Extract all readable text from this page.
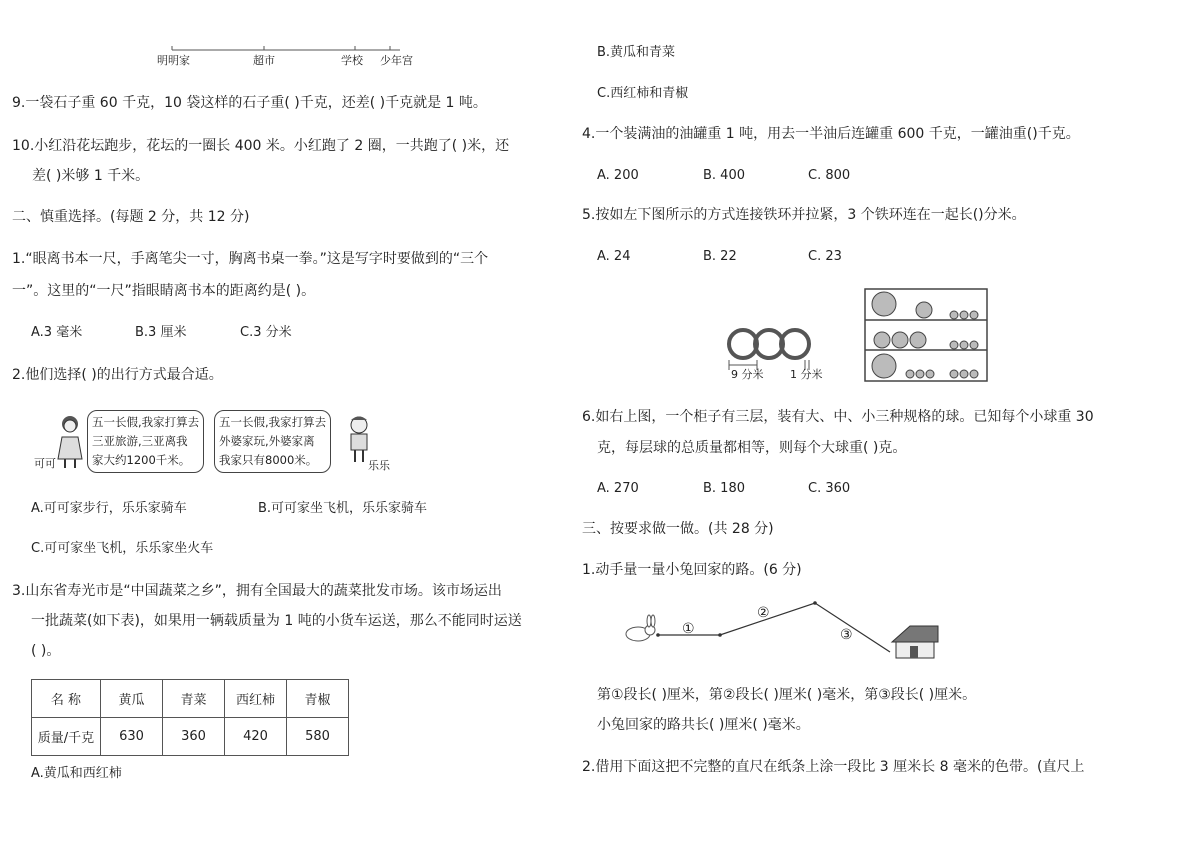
明明家	超市	学校 少年宫
9.一袋石子重 60 千克，10 袋这样的石子重( )千克，还差( )千克就是 1 吨。
10.小红沿花坛跑步，花坛的一圈长 400 米。小红跑了 2 圈，一共跑了( )米，还
差( )米够 1 千米。
二、慎重选择。(每题 2 分，共 12 分)
1.“眼离书本一尺，手离笔尖一寸，胸离书桌一拳。”这是写字时要做到的“三个
一”。这里的“一尺”指眼睛离书本的距离约是( )。
A.3 毫米	B.3 厘米	C.3 分米
2.他们选择( )的出行方式最合适。
可可
五一长假,我家打算去
三亚旅游,三亚离我
家大约1200千米。
五一长假,我家打算去
外婆家玩,外婆家离
我家只有8000米。	乐乐
A.可可家步行，乐乐家骑车	B.可可家坐飞机，乐乐家骑车
C.可可家坐飞机，乐乐家坐火车
3.山东省寿光市是“中国蔬菜之乡”，拥有全国最大的蔬菜批发市场。该市场运出
一批蔬菜(如下表)，如果用一辆载质量为 1 吨的小货车运送，那么不能同时运送
( )。
名 称	黄瓜	青菜	西红柿	青椒
质量/千克	630	360	420	580
A.黄瓜和西红柿
B.黄瓜和青菜
C.西红柿和青椒
4.一个装满油的油罐重 1 吨，用去一半油后连罐重 600 千克，一罐油重()千克。
A. 200	B. 400	C. 800
5.按如左下图所示的方式连接铁环并拉紧，3 个铁环连在一起长()分米。
A. 24	B. 22	C. 23
9 分米 1 分米
6.如右上图，一个柜子有三层，装有大、中、小三种规格的球。已知每个小球重 30
克，每层球的总质量都相等，则每个大球重( )克。
A. 270	B. 180	C. 360
三、按要求做一做。(共 28 分)
1.动手量一量小兔回家的路。(6 分)
①
②
③
第①段长( )厘米，第②段长( )厘米( )毫米，第③段长( )厘米。
小兔回家的路共长( )厘米( )毫米。
2.借用下面这把不完整的直尺在纸条上涂一段比 3 厘米长 8 毫米的色带。(直尺上
